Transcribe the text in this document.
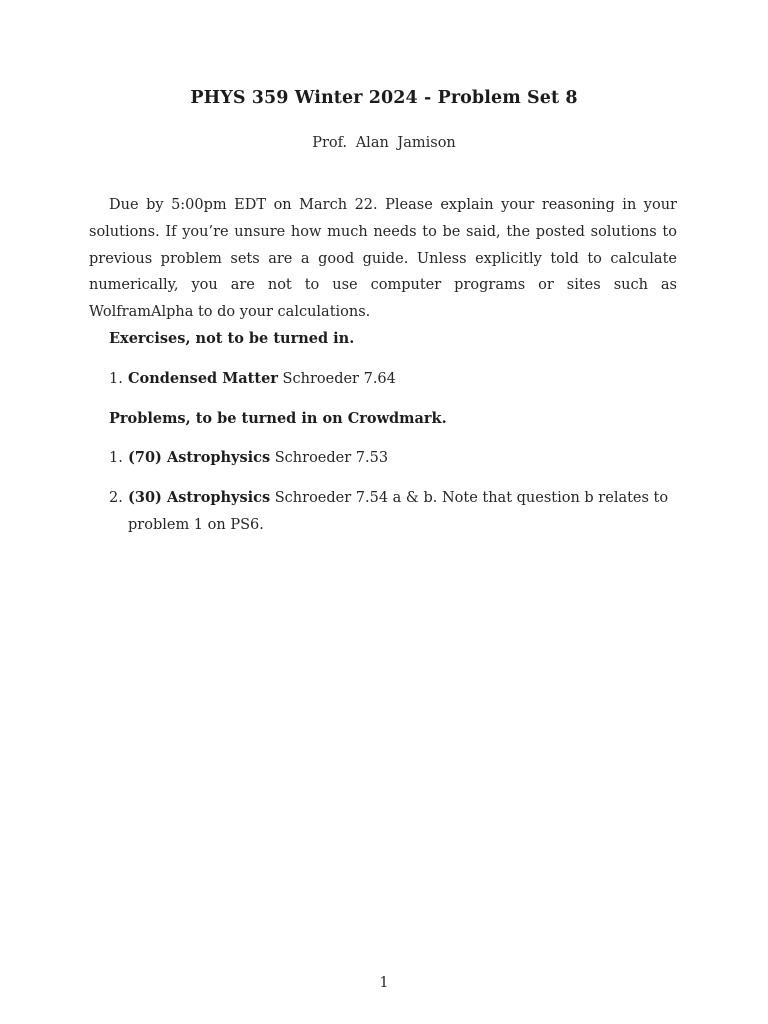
PHYS 359 Winter 2024 - Problem Set 8
Prof. Alan Jamison

Due by 5:00pm EDT on March 22. Please explain your reasoning in your solutions. If you’re unsure how much needs to be said, the posted solutions to previous problem sets are a good guide. Unless explicitly told to calculate numerically, you are not to use computer programs or sites such as WolframAlpha to do your calculations.

Exercises, not to be turned in.
1. Condensed Matter Schroeder 7.64
Problems, to be turned in on Crowdmark.
1. (70) Astrophysics Schroeder 7.53
2. (30) Astrophysics Schroeder 7.54 a & b. Note that question b relates to problem 1 on PS6.
1
